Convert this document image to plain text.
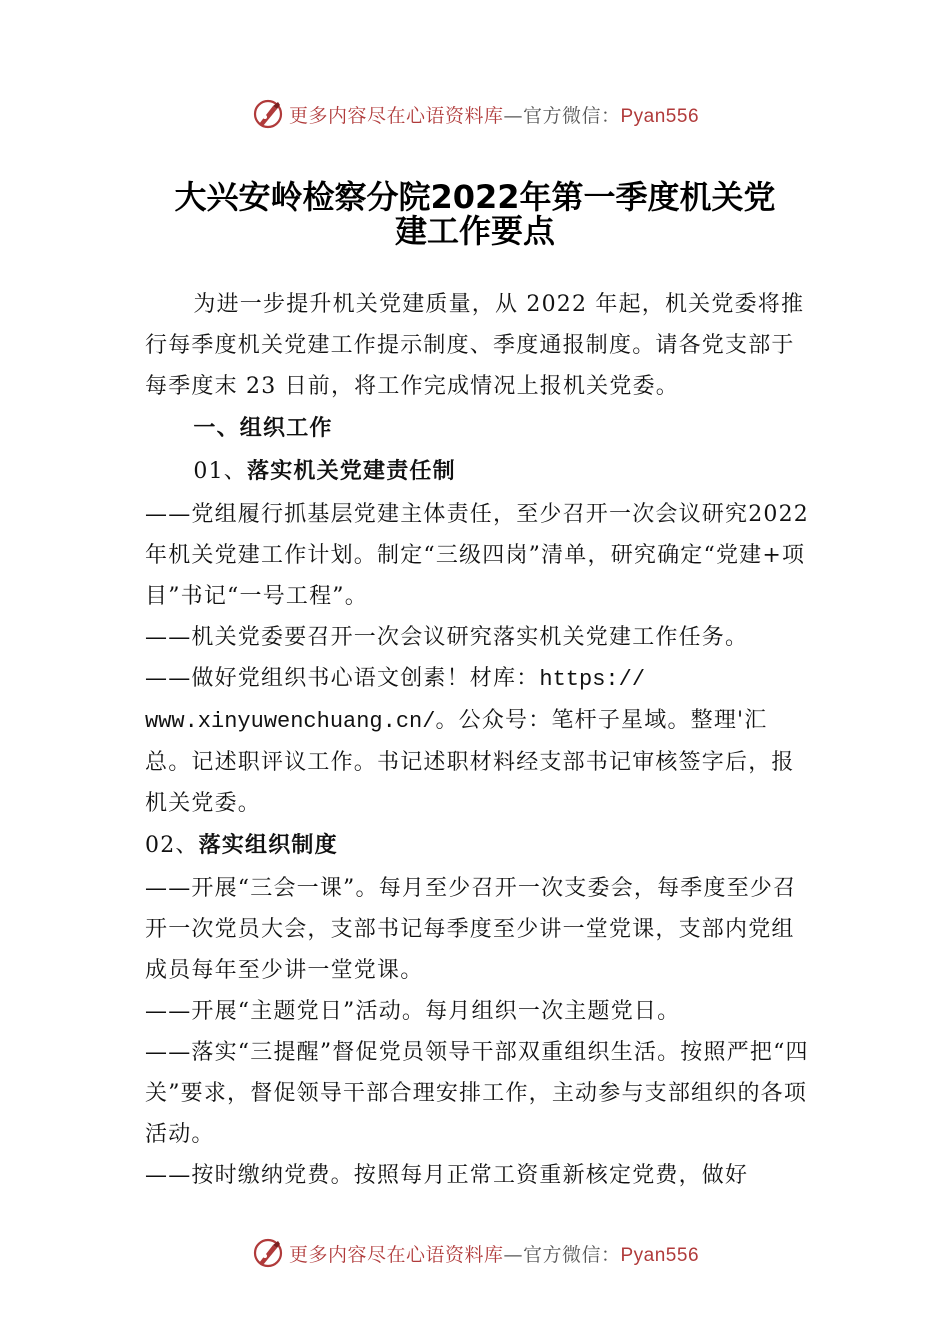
更多内容尽在心语资料库—官方微信：Pyan556
大兴安岭检察分院2022年第一季度机关党
建工作要点

为进一步提升机关党建质量，从 2022 年起，机关党委将推行每季度机关党建工作提示制度、季度通报制度。请各党支部于每季度末 23 日前，将工作完成情况上报机关党委。

一、组织工作

01、落实机关党建责任制

——党组履行抓基层党建主体责任，至少召开一次会议研究2022年机关党建工作计划。制定“三级四岗”清单，研究确定“党建+项目”书记“一号工程”。

——机关党委要召开一次会议研究落实机关党建工作任务。

——做好党组织书心语文创素！材库：https:// www.xinyuwenchuang.cn/。公众号：笔杆子星域。整理'汇总。记述职评议工作。书记述职材料经支部书记审核签字后，报机关党委。

02、落实组织制度

——开展“三会一课”。每月至少召开一次支委会，每季度至少召开一次党员大会，支部书记每季度至少讲一堂党课，支部内党组成员每年至少讲一堂党课。

——开展“主题党日”活动。每月组织一次主题党日。

——落实“三提醒”督促党员领导干部双重组织生活。按照严把“四关”要求，督促领导干部合理安排工作，主动参与支部组织的各项活动。

——按时缴纳党费。按照每月正常工资重新核定党费，做好

更多内容尽在心语资料库—官方微信：Pyan556
